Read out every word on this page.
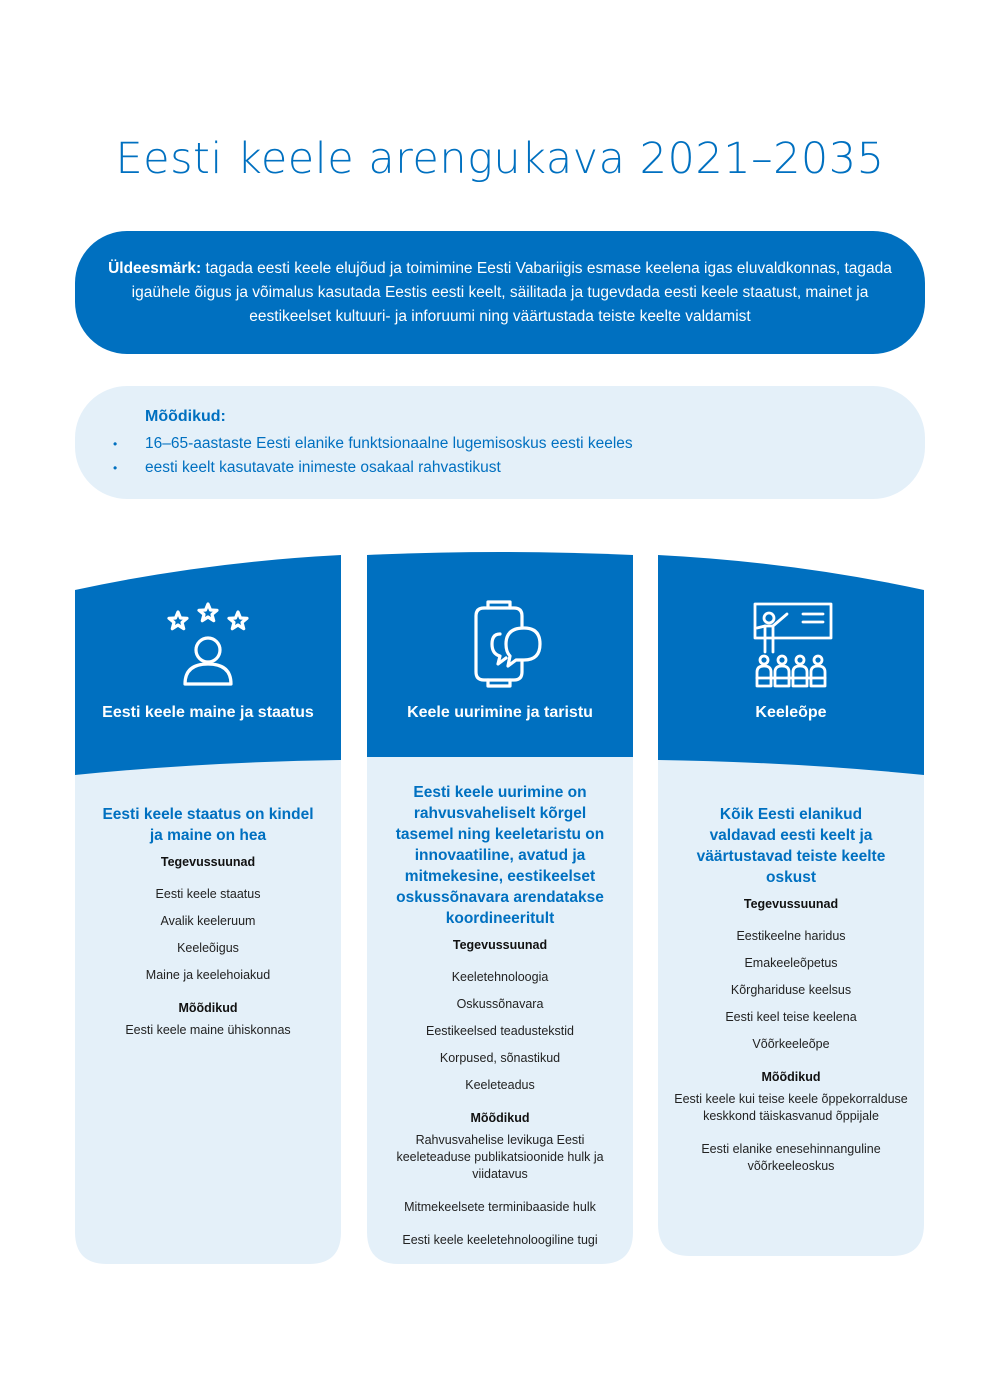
Eesti keele arengukava 2021–2035
Üldeesmärk: tagada eesti keele elujõud ja toimimine Eesti Vabariigis esmase keelena igas eluvaldkonnas, tagada igaühele õigus ja võimalus kasutada Eestis eesti keelt, säilitada ja tugevdada eesti keele staatust, mainet ja eestikeelset kultuuri- ja inforuumi ning väärtustada teiste keelte valdamist
Mõõdikud:
• 16–65-aastaste Eesti elanike funktsionaalne lugemisoskus eesti keeles
• eesti keelt kasutavate inimeste osakaal rahvastikust
Eesti keele maine ja staatus
Eesti keele staatus on kindel ja maine on hea
Tegevussuunad
Eesti keele staatus
Avalik keeleruum
Keeleõigus
Maine ja keelehoiakud
Mõõdikud
Eesti keele maine ühiskonnas
Keele uurimine ja taristu
Eesti keele uurimine on rahvusvaheliselt kõrgel tasemel ning keeletaristu on innovaatiline, avatud ja mitmekesine, eestikeelset oskussõnavara arendatakse koordineeritult
Tegevussuunad
Keeletehnoloogia
Oskussõnavara
Eestikeelsed teadustekstid
Korpused, sõnastikud
Keeleteadus
Mõõdikud
Rahvusvahelise levikuga Eesti keeleteaduse publikatsioonide hulk ja viidatavus
Mitmekeelsete terminibaaside hulk
Eesti keele keeletehnoloogiline tugi
Keeleõpe
Kõik Eesti elanikud valdavad eesti keelt ja väärtustavad teiste keelte oskust
Tegevussuunad
Eestikeelne haridus
Emakeeleõpetus
Kõrghariduse keelsus
Eesti keel teise keelena
Võõrkeeleõpe
Mõõdikud
Eesti keele kui teise keele õppekorralduse keskkond täiskasvanud õppijale
Eesti elanike enesehinnanguline võõrkeeleoskus
